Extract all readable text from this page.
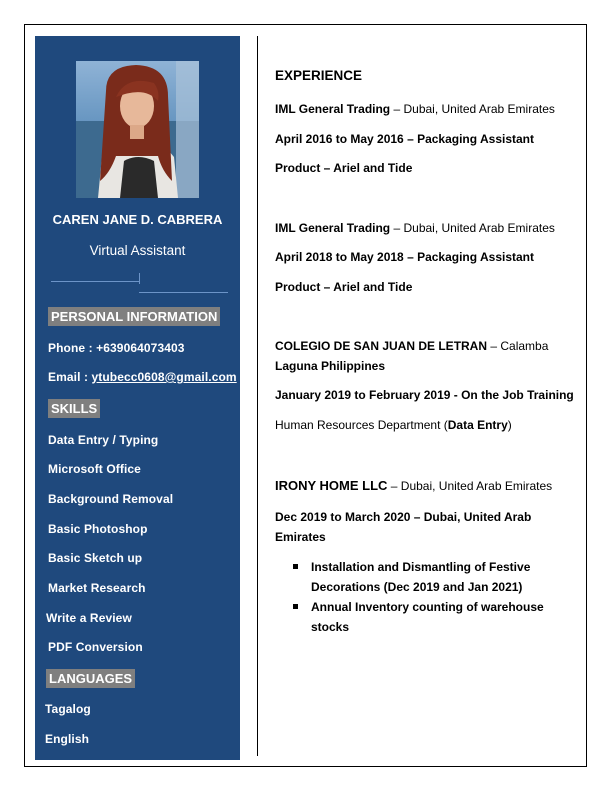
CAREN JANE D. CABRERA
Virtual Assistant
PERSONAL INFORMATION
Phone : +639064073403
Email : ytubecc0608@gmail.com
SKILLS
Data Entry / Typing
Microsoft Office
Background Removal
Basic Photoshop
Basic Sketch up
Market Research
Write a Review
PDF Conversion
LANGUAGES
Tagalog
English
EXPERIENCE
IML General Trading – Dubai, United Arab Emirates
April 2016 to May 2016 – Packaging Assistant
Product – Ariel and Tide
IML General Trading – Dubai, United Arab Emirates
April 2018 to May 2018 – Packaging Assistant
Product – Ariel and Tide
COLEGIO DE SAN JUAN DE LETRAN – Calamba
Laguna Philippines
January 2019 to February 2019 - On the Job Training
Human Resources Department (Data Entry)
IRONY HOME LLC – Dubai, United Arab Emirates
Dec 2019 to March 2020 – Dubai, United Arab
Emirates
Installation and Dismantling of Festive Decorations (Dec 2019 and Jan 2021)
Annual Inventory counting of warehouse stocks
